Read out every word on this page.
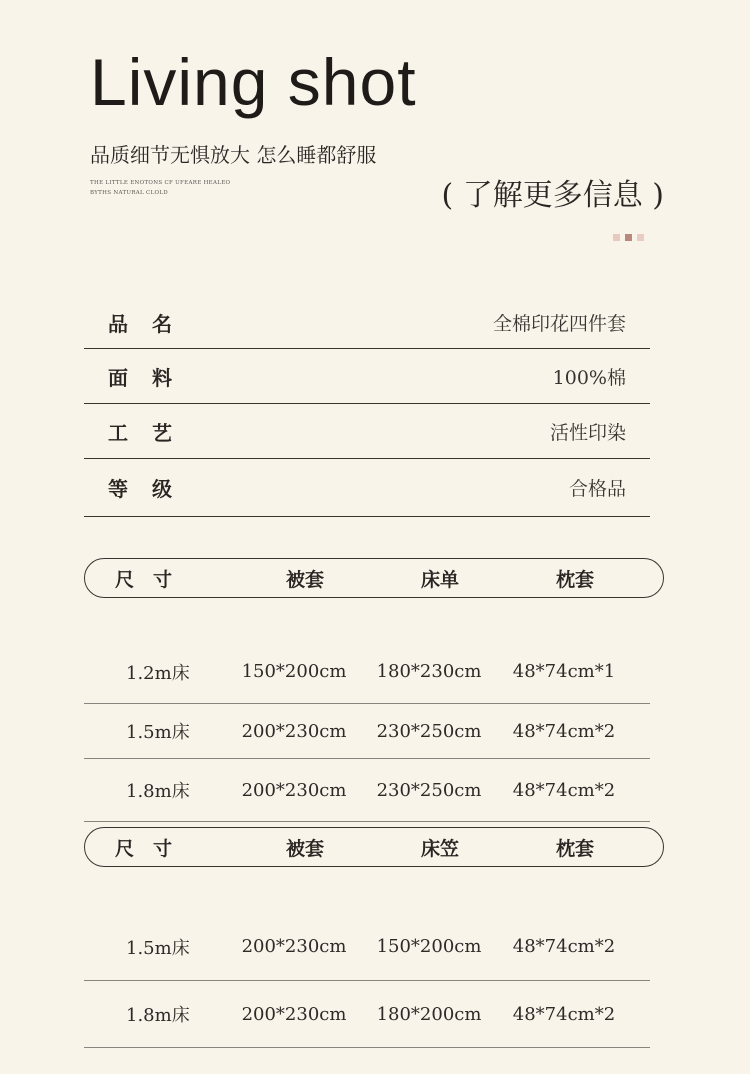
Living shot
品质细节无惧放大 怎么睡都舒服
THE LITTLE ENOTONS CF UFEARE HEALEO
BYTHS NATURAL CLOLD	( 了解更多信息 )
品　名	全棉印花四件套
面　料	100%棉
工　艺	活性印染
等　级	合格品
尺　寸	被套	床单	枕套
1.2m床	150*200cm	180*230cm	48*74cm*1
1.5m床	200*230cm	230*250cm	48*74cm*2
1.8m床	200*230cm	230*250cm	48*74cm*2
尺　寸	被套	床笠	枕套
1.5m床	200*230cm	150*200cm	48*74cm*2
1.8m床	200*230cm	180*200cm	48*74cm*2
